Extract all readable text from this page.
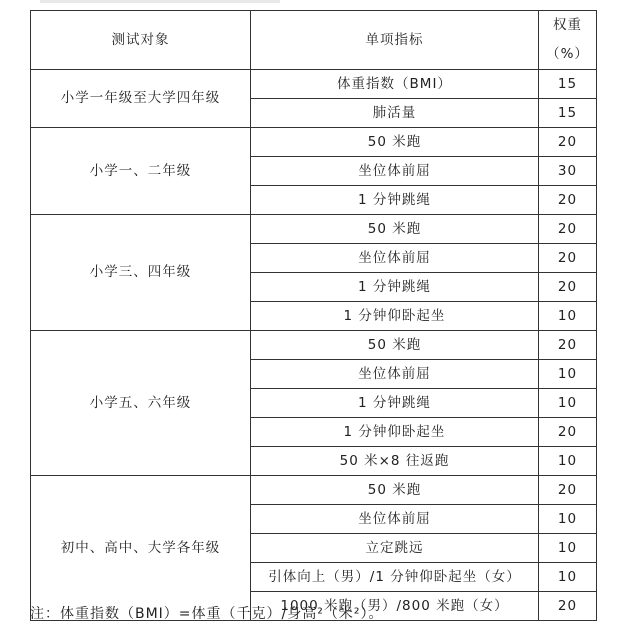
测试对象	单项指标	权重（%）
小学一年级至大学四年级	体重指数（BMI）	15
	肺活量	15
小学一、二年级	50 米跑	20
	坐位体前屈	30
	1 分钟跳绳	20
小学三、四年级	50 米跑	20
	坐位体前屈	20
	1 分钟跳绳	20
	1 分钟仰卧起坐	10
小学五、六年级	50 米跑	20
	坐位体前屈	10
	1 分钟跳绳	10
	1 分钟仰卧起坐	20
	50 米×8 往返跑	10
初中、高中、大学各年级	50 米跑	20
	坐位体前屈	10
	立定跳远	10
	引体向上（男）/1 分钟仰卧起坐（女）	10
	1000 米跑（男）/800 米跑（女）	20
注：体重指数（BMI）=体重（千克）/身高²（米²）。
